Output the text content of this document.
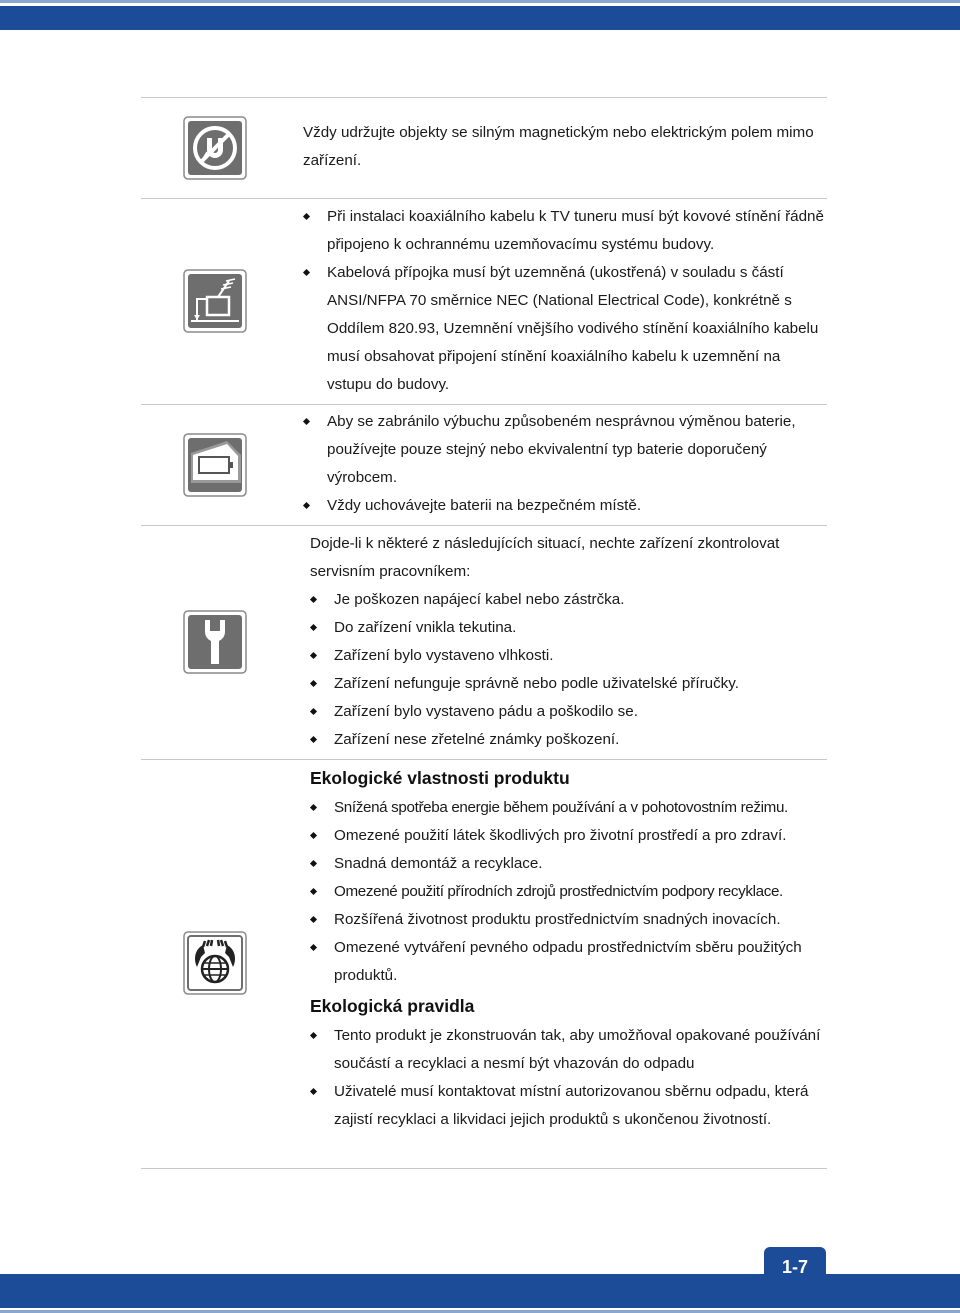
Vždy udržujte objekty se silným magnetickým nebo elektrickým polem mimo zařízení.

Při instalaci koaxiálního kabelu k TV tuneru musí být kovové stínění řádně připojeno k ochrannému uzemňovacímu systému budovy.
Kabelová přípojka musí být uzemněná (ukostřená) v souladu s částí ANSI/NFPA 70 směrnice NEC (National Electrical Code), konkrétně s Oddílem 820.93, Uzemnění vnějšího vodivého stínění koaxiálního kabelu musí obsahovat připojení stínění koaxiálního kabelu k uzemnění na vstupu do budovy.
Aby se zabránilo výbuchu způsobeném nesprávnou výměnou baterie, používejte pouze stejný nebo ekvivalentní typ baterie doporučený výrobcem.
Vždy uchovávejte baterii na bezpečném místě.

Dojde-li k některé z následujících situací, nechte zařízení zkontrolovat servisním pracovníkem:

Je poškozen napájecí kabel nebo zástrčka.
Do zařízení vnikla tekutina.
Zařízení bylo vystaveno vlhkosti.
Zařízení nefunguje správně nebo podle uživatelské příručky.
Zařízení bylo vystaveno pádu a poškodilo se.
Zařízení nese zřetelné známky poškození.
Ekologické vlastnosti produktu
Snížená spotřeba energie během používání a v pohotovostním režimu.
Omezené použití látek škodlivých pro životní prostředí a pro zdraví.
Snadná demontáž a recyklace.
Omezené použití přírodních zdrojů prostřednictvím podpory recyklace.
Rozšířená životnost produktu prostřednictvím snadných inovacích.
Omezené vytváření pevného odpadu prostřednictvím sběru použitých produktů.
Ekologická pravidla
Tento produkt je zkonstruován tak, aby umožňoval opakované používání součástí a recyklaci a nesmí být vhazován do odpadu
Uživatelé musí kontaktovat místní autorizovanou sběrnu odpadu, která zajistí recyklaci a likvidaci jejich produktů s ukončenou životností.
1-7
